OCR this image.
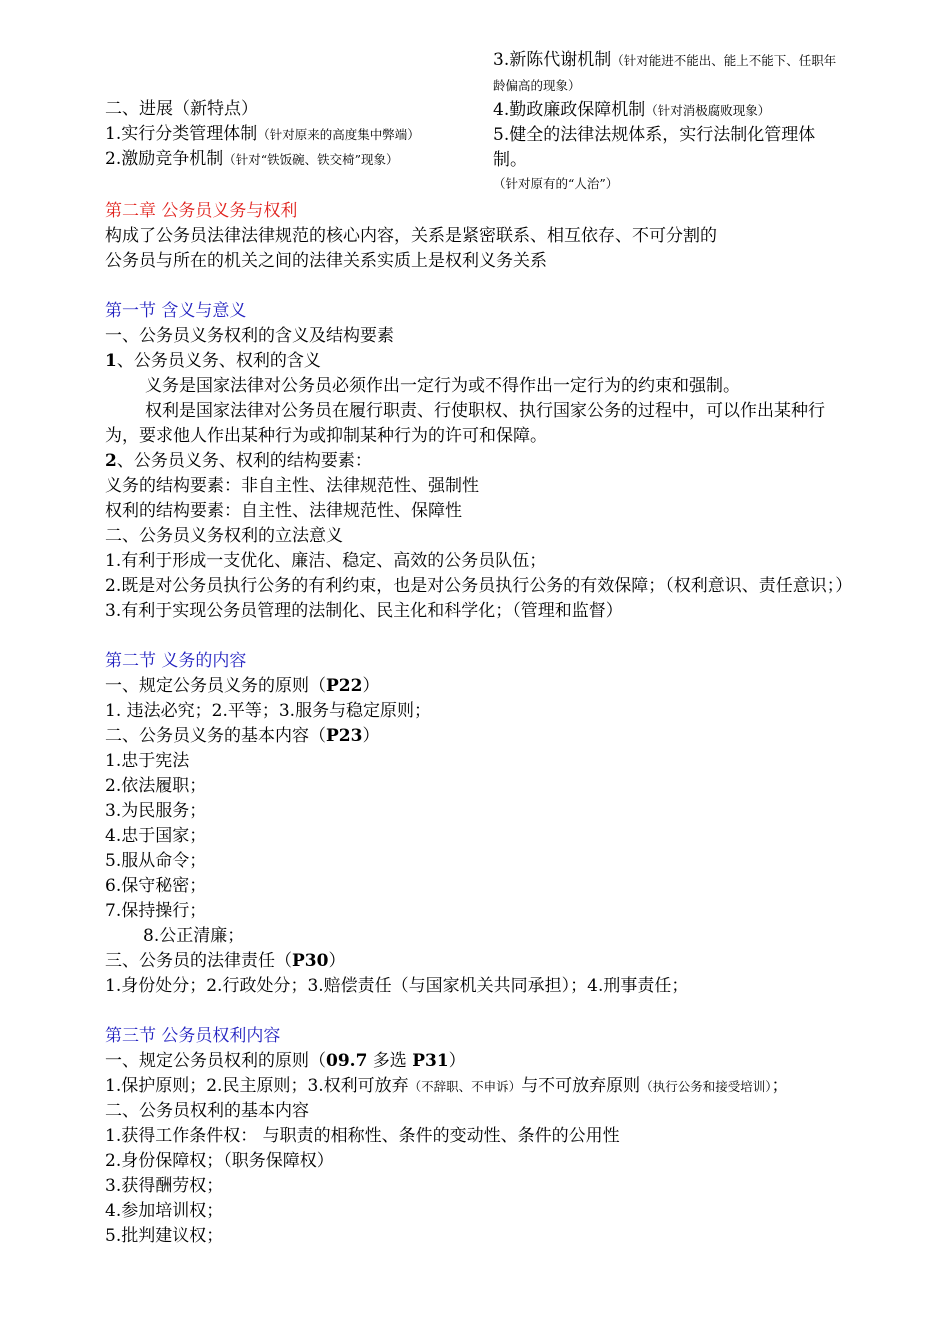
3.新陈代谢机制（针对能进不能出、能上不能下、任职年龄偏高的现象）
4.勤政廉政保障机制（针对消极腐败现象）
5.健全的法律法规体系，实行法制化管理体制。
（针对原有的“人治”）
二、进展（新特点）
1.实行分类管理体制（针对原来的高度集中弊端）
2.激励竞争机制（针对“铁饭碗、铁交椅”现象）
第二章 公务员义务与权利
构成了公务员法律法律规范的核心内容，关系是紧密联系、相互依存、不可分割的
公务员与所在的机关之间的法律关系实质上是权利义务关系
第一节 含义与意义
一、公务员义务权利的含义及结构要素
1、公务员义务、权利的含义
义务是国家法律对公务员必须作出一定行为或不得作出一定行为的约束和强制。
权利是国家法律对公务员在履行职责、行使职权、执行国家公务的过程中，可以作出某种行为，要求他人作出某种行为或抑制某种行为的许可和保障。
2、公务员义务、权利的结构要素：
义务的结构要素：非自主性、法律规范性、强制性
权利的结构要素：自主性、法律规范性、保障性
二、公务员义务权利的立法意义
1.有利于形成一支优化、廉洁、稳定、高效的公务员队伍；
2.既是对公务员执行公务的有利约束，也是对公务员执行公务的有效保障；（权利意识、责任意识；）
3.有利于实现公务员管理的法制化、民主化和科学化；（管理和监督）
第二节 义务的内容
一、规定公务员义务的原则（P22）
1. 违法必究；2.平等；3.服务与稳定原则；
二、公务员义务的基本内容（P23）
1.忠于宪法
2.依法履职；
3.为民服务；
4.忠于国家；
5.服从命令；
6.保守秘密；
7.保持操行；
8.公正清廉；
三、公务员的法律责任（P30）
1.身份处分；2.行政处分；3.赔偿责任（与国家机关共同承担）；4.刑事责任；
第三节 公务员权利内容
一、规定公务员权利的原则（09.7 多选 P31）
1.保护原则；2.民主原则；3.权利可放弃（不辞职、不申诉）与不可放弃原则（执行公务和接受培训）；
二、公务员权利的基本内容
1.获得工作条件权： 与职责的相称性、条件的变动性、条件的公用性
2.身份保障权；（职务保障权）
3.获得酬劳权；
4.参加培训权；
5.批判建议权；
